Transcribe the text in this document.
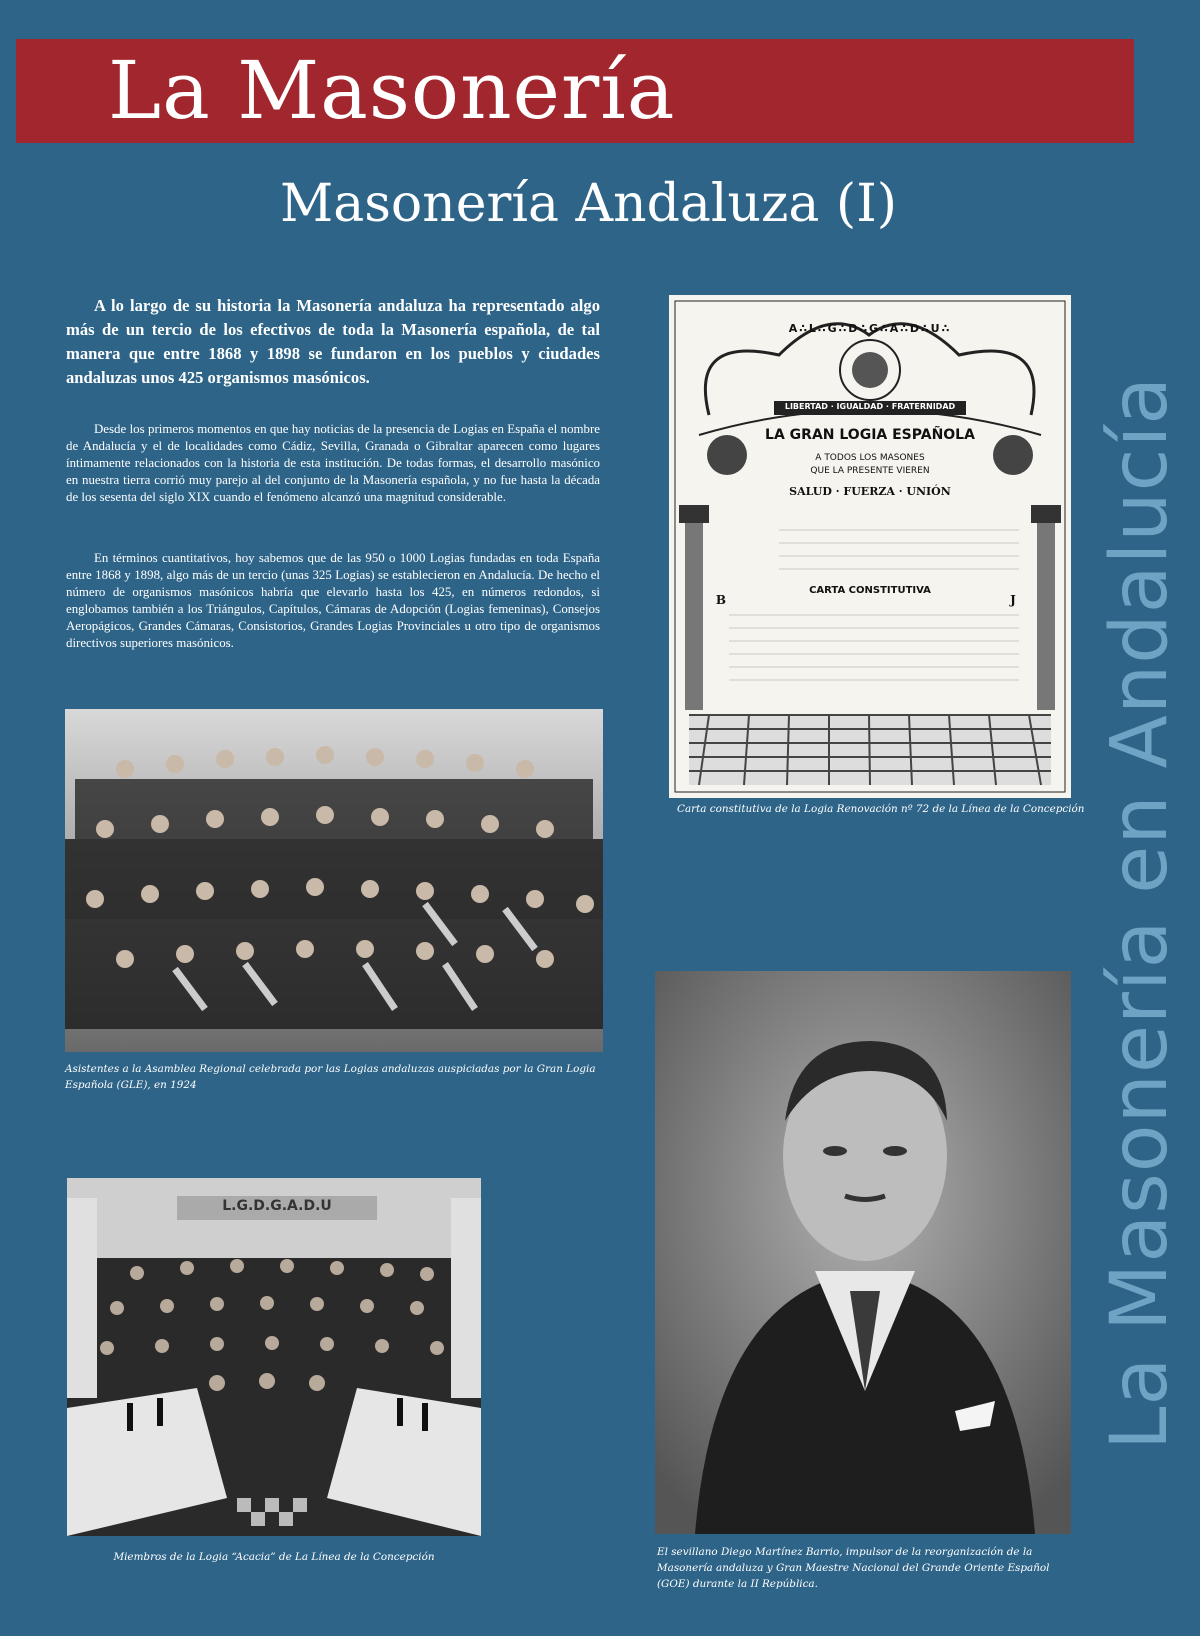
La Masonería
Masonería Andaluza (I)
La Masonería en Andalucía
A lo largo de su historia la Masonería andaluza ha representado algo más de un tercio de los efectivos de toda la Masonería española, de tal manera que entre 1868 y 1898 se fundaron en los pueblos y ciudades andaluzas unos 425 organismos masónicos.
Desde los primeros momentos en que hay noticias de la presencia de Logias en España el nombre de Andalucía y el de localidades como Cádiz, Sevilla, Granada o Gibraltar aparecen como lugares íntimamente relacionados con la historia de esta institución. De todas formas, el desarrollo masónico en nuestra tierra corrió muy parejo al del conjunto de la Masonería española, y no fue hasta la década de los sesenta del siglo XIX cuando el fenómeno alcanzó una magnitud considerable.
En términos cuantitativos, hoy sabemos que de las 950 o 1000 Logias fundadas en toda España entre 1868 y 1898, algo más de un tercio (unas 325 Logias) se establecieron en Andalucía. De hecho el número de organismos masónicos habría que elevarlo hasta los 425, en números redondos, si englobamos también a los Triángulos, Capítulos, Cámaras de Adopción (Logias femeninas), Consejos Aeropágicos, Grandes Cámaras, Consistorios, Grandes Logias Provinciales u otro tipo de organismos directivos superiores masónicos.
A∴L∴G∴D∴G∴A∴D∴U∴
LIBERTAD · IGUALDAD · FRATERNIDAD
LA GRAN LOGIA ESPAÑOLA
A TODOS LOS MASONES
QUE LA PRESENTE VIEREN
SALUD · FUERZA · UNIÓN
CARTA CONSTITUTIVA
B	J
Carta constitutiva de la Logia Renovación nº 72 de la Línea de la Concepción
Asistentes a la Asamblea Regional celebrada por las Logias andaluzas auspiciadas por la Gran Logia Española (GLE), en 1924
L.G.D.G.A.D.U
Miembros de la Logia “Acacia” de La Línea de la Concepción	El sevillano Diego Martínez Barrio, impulsor de la reorganización de la Masonería andaluza y Gran Maestre Nacional del Grande Oriente Español (GOE) durante la II República.
